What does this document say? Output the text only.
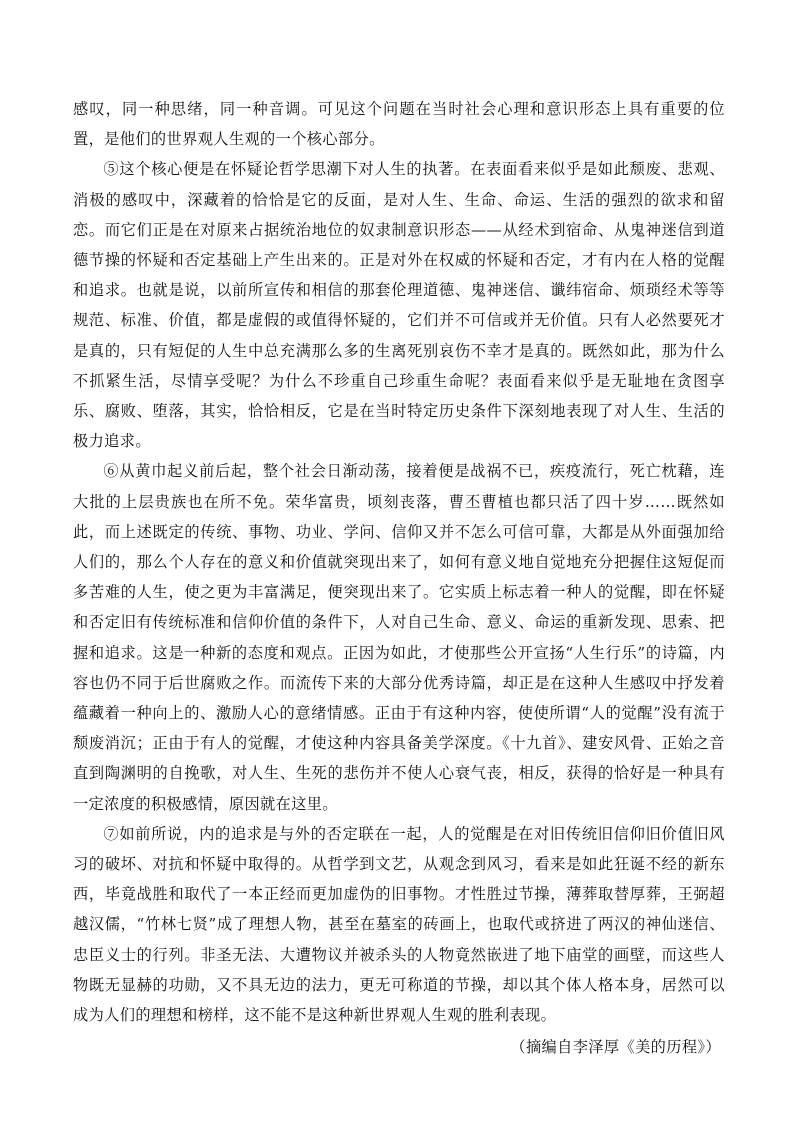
感叹，同一种思绪，同一种音调。可见这个问题在当时社会心理和意识形态上具有重要的位置，是他们的世界观人生观的一个核心部分。

⑤这个核心便是在怀疑论哲学思潮下对人生的执著。在表面看来似乎是如此颓废、悲观、消极的感叹中，深藏着的恰恰是它的反面，是对人生、生命、命运、生活的强烈的欲求和留恋。而它们正是在对原来占据统治地位的奴隶制意识形态——从经术到宿命、从鬼神迷信到道德节操的怀疑和否定基础上产生出来的。正是对外在权威的怀疑和否定，才有内在人格的觉醒和追求。也就是说，以前所宣传和相信的那套伦理道德、鬼神迷信、谶纬宿命、烦琐经术等等规范、标准、价值，都是虚假的或值得怀疑的，它们并不可信或并无价值。只有人必然要死才是真的，只有短促的人生中总充满那么多的生离死别哀伤不幸才是真的。既然如此，那为什么不抓紧生活，尽情享受呢？为什么不珍重自己珍重生命呢？表面看来似乎是无耻地在贪图享乐、腐败、堕落，其实，恰恰相反，它是在当时特定历史条件下深刻地表现了对人生、生活的极力追求。

⑥从黄巾起义前后起，整个社会日渐动荡，接着便是战祸不已，疾疫流行，死亡枕藉，连大批的上层贵族也在所不免。荣华富贵，顷刻丧落，曹丕曹植也都只活了四十岁……既然如此，而上述既定的传统、事物、功业、学问、信仰又并不怎么可信可靠，大都是从外面强加给人们的，那么个人存在的意义和价值就突现出来了，如何有意义地自觉地充分把握住这短促而多苦难的人生，使之更为丰富满足，便突现出来了。它实质上标志着一种人的觉醒，即在怀疑和否定旧有传统标准和信仰价值的条件下，人对自己生命、意义、命运的重新发现、思索、把握和追求。这是一种新的态度和观点。正因为如此，才使那些公开宣扬“人生行乐”的诗篇，内容也仍不同于后世腐败之作。而流传下来的大部分优秀诗篇，却正是在这种人生感叹中抒发着蕴藏着一种向上的、激励人心的意绪情感。正由于有这种内容，使使所谓“人的觉醒”没有流于颓废消沉；正由于有人的觉醒，才使这种内容具备美学深度。《十九首》、建安风骨、正始之音直到陶渊明的自挽歌，对人生、生死的悲伤并不使人心衰气丧，相反，获得的恰好是一种具有一定浓度的积极感情，原因就在这里。

⑦如前所说，内的追求是与外的否定联在一起，人的觉醒是在对旧传统旧信仰旧价值旧风习的破坏、对抗和怀疑中取得的。从哲学到文艺，从观念到风习，看来是如此狂诞不经的新东西，毕竟战胜和取代了一本正经而更加虚伪的旧事物。才性胜过节操，薄葬取替厚葬，王弼超越汉儒，“竹林七贤”成了理想人物，甚至在墓室的砖画上，也取代或挤进了两汉的神仙迷信、忠臣义士的行列。非圣无法、大遭物议并被杀头的人物竟然嵌进了地下庙堂的画壁，而这些人物既无显赫的功勋，又不具无边的法力，更无可称道的节操，却以其个体人格本身，居然可以成为人们的理想和榜样，这不能不是这种新世界观人生观的胜利表现。

（摘编自李泽厚《美的历程》）
